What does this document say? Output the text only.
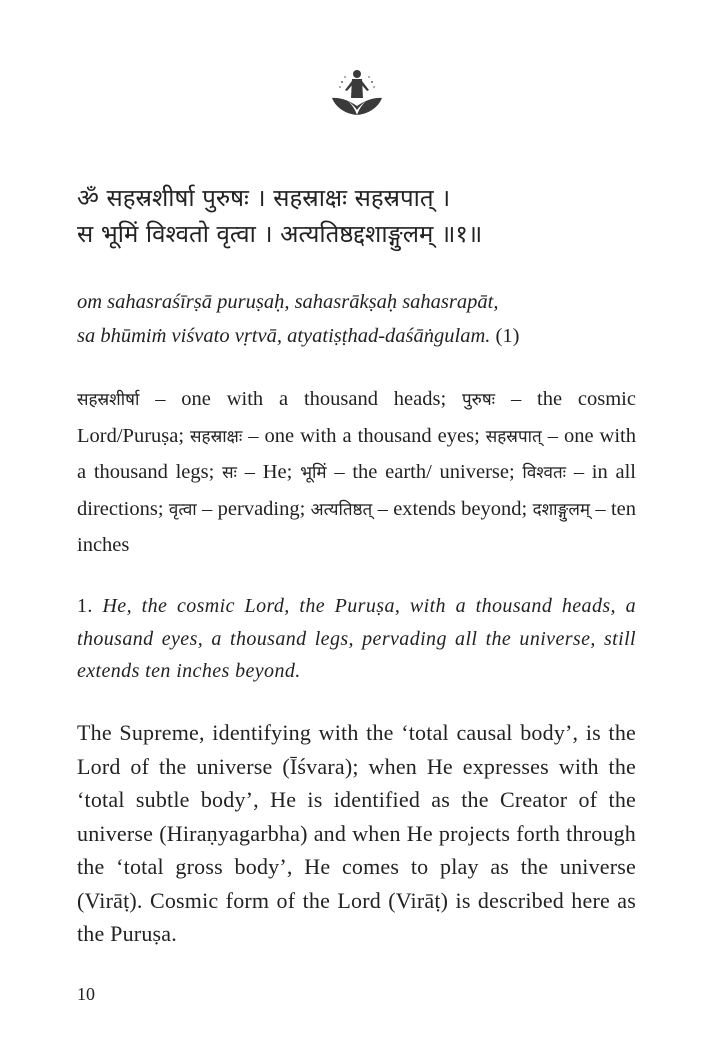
ॐ सहस्रशीर्षा पुरुषः । सहस्राक्षः सहस्रपात् ।
स भूमिं विश्वतो वृत्वा । अत्यतिष्ठद्दशाङ्गुलम् ॥१॥
om sahasraśīrṣā puruṣaḥ, sahasrākṣaḥ sahasrapāt,
sa bhūmiṁ viśvato vṛtvā, atyatiṣṭhad-daśāṅgulam. (1)
सहस्रशीर्षा – one with a thousand heads; पुरुषः – the cosmic Lord/Puruṣa; सहस्राक्षः – one with a thousand eyes; सहस्रपात् – one with a thousand legs; सः – He; भूमिं – the earth/ universe; विश्वतः – in all directions; वृत्वा – pervading; अत्यतिष्ठत् – extends beyond; दशाङ्गुलम् – ten inches
1. He, the cosmic Lord, the Puruṣa, with a thousand heads, a thousand eyes, a thousand legs, pervading all the universe, still extends ten inches beyond.
The Supreme, identifying with the ‘total causal body’, is the Lord of the universe (Īśvara); when He expresses with the ‘total subtle body’, He is identified as the Creator of the universe (Hiraṇyagarbha) and when He projects forth through the ‘total gross body’, He comes to play as the universe (Virāṭ). Cosmic form of the Lord (Virāṭ) is described here as the Puruṣa.
10
